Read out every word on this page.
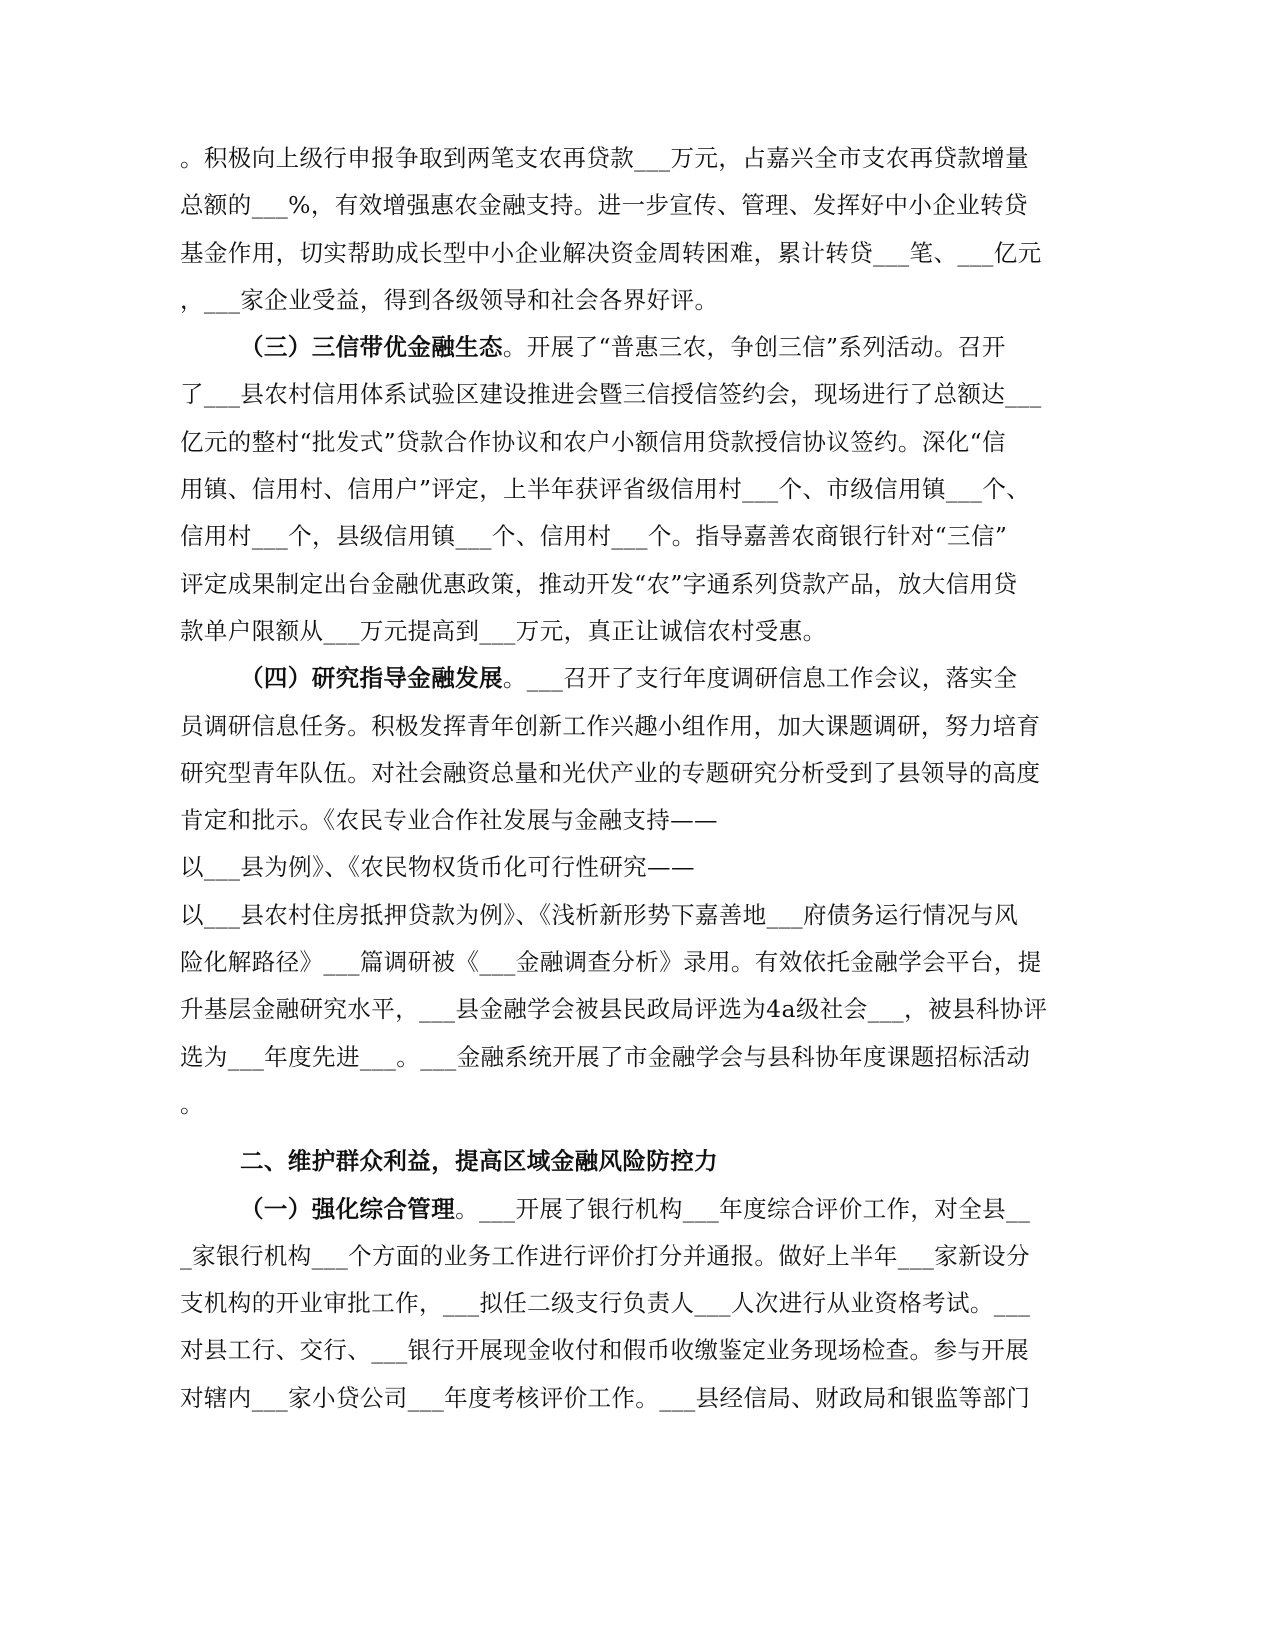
。积极向上级行申报争取到两笔支农再贷款___万元，占嘉兴全市支农再贷款增量
总额的___%，有效增强惠农金融支持。进一步宣传、管理、发挥好中小企业转贷
基金作用，切实帮助成长型中小企业解决资金周转困难，累计转贷___笔、___亿元
，___家企业受益，得到各级领导和社会各界好评。
（三）三信带优金融生态。开展了“普惠三农，争创三信”系列活动。召开
了___县农村信用体系试验区建设推进会暨三信授信签约会，现场进行了总额达___
亿元的整村“批发式”贷款合作协议和农户小额信用贷款授信协议签约。深化“信
用镇、信用村、信用户”评定，上半年获评省级信用村___个、市级信用镇___个、
信用村___个，县级信用镇___个、信用村___个。指导嘉善农商银行针对“三信”
评定成果制定出台金融优惠政策，推动开发“农”字通系列贷款产品，放大信用贷
款单户限额从___万元提高到___万元，真正让诚信农村受惠。
（四）研究指导金融发展。___召开了支行年度调研信息工作会议，落实全
员调研信息任务。积极发挥青年创新工作兴趣小组作用，加大课题调研，努力培育
研究型青年队伍。对社会融资总量和光伏产业的专题研究分析受到了县领导的高度
肯定和批示。《农民专业合作社发展与金融支持——
以___县为例》、《农民物权货币化可行性研究——
以___县农村住房抵押贷款为例》、《浅析新形势下嘉善地___府债务运行情况与风
险化解路径》___篇调研被《___金融调查分析》录用。有效依托金融学会平台，提
升基层金融研究水平，___县金融学会被县民政局评选为4a级社会___，被县科协评
选为___年度先进___。___金融系统开展了市金融学会与县科协年度课题招标活动
。
二、维护群众利益，提高区域金融风险防控力
（一）强化综合管理。___开展了银行机构___年度综合评价工作，对全县__
_家银行机构___个方面的业务工作进行评价打分并通报。做好上半年___家新设分
支机构的开业审批工作，___拟任二级支行负责人___人次进行从业资格考试。___
对县工行、交行、___银行开展现金收付和假币收缴鉴定业务现场检查。参与开展
对辖内___家小贷公司___年度考核评价工作。___县经信局、财政局和银监等部门
